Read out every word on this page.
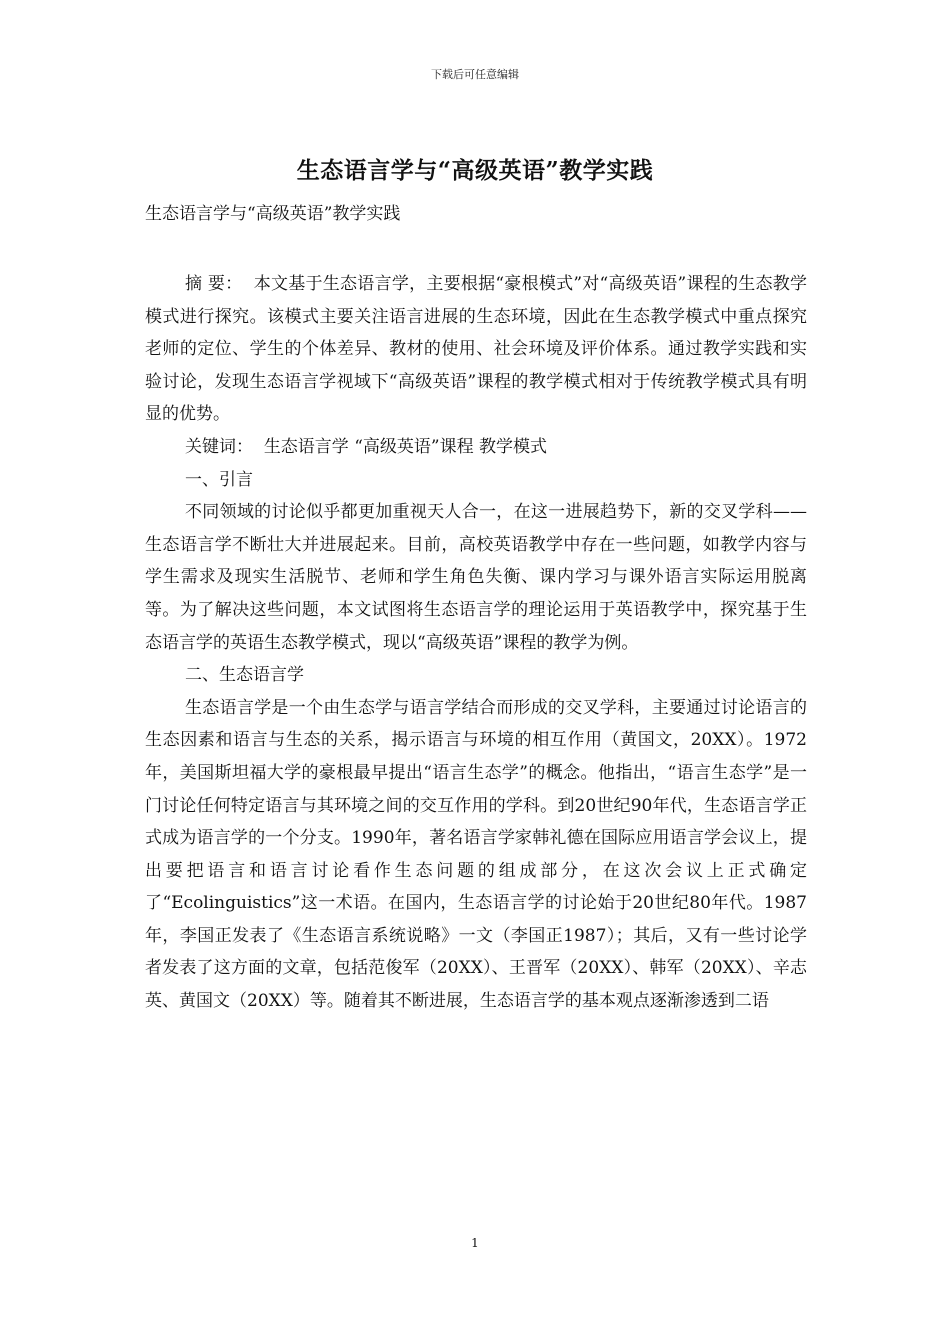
下载后可任意编辑
生态语言学与“高级英语”教学实践
生态语言学与“高级英语”教学实践

摘 要： 本文基于生态语言学，主要根据“豪根模式”对“高级英语”课程的生态教学模式进行探究。该模式主要关注语言进展的生态环境，因此在生态教学模式中重点探究老师的定位、学生的个体差异、教材的使用、社会环境及评价体系。通过教学实践和实验讨论，发现生态语言学视域下“高级英语”课程的教学模式相对于传统教学模式具有明显的优势。

关键词： 生态语言学 “高级英语”课程 教学模式

一、引言

不同领域的讨论似乎都更加重视天人合一，在这一进展趋势下，新的交叉学科——生态语言学不断壮大并进展起来。目前，高校英语教学中存在一些问题，如教学内容与学生需求及现实生活脱节、老师和学生角色失衡、课内学习与课外语言实际运用脱离等。为了解决这些问题，本文试图将生态语言学的理论运用于英语教学中，探究基于生态语言学的英语生态教学模式，现以“高级英语”课程的教学为例。

二、生态语言学

生态语言学是一个由生态学与语言学结合而形成的交叉学科，主要通过讨论语言的生态因素和语言与生态的关系，揭示语言与环境的相互作用（黄国文，20XX）。1972年，美国斯坦福大学的豪根最早提出“语言生态学”的概念。他指出，“语言生态学”是一门讨论任何特定语言与其环境之间的交互作用的学科。到20世纪90年代，生态语言学正式成为语言学的一个分支。1990年，著名语言学家韩礼德在国际应用语言学会议上，提出要把语言和语言讨论看作生态问题的组成部分，在这次会议上正式确定了“Ecolinguistics”这一术语。在国内，生态语言学的讨论始于20世纪80年代。1987年，李国正发表了《生态语言系统说略》一文（李国正1987）；其后，又有一些讨论学者发表了这方面的文章，包括范俊军（20XX）、王晋军（20XX）、韩军（20XX）、辛志英、黄国文（20XX）等。随着其不断进展，生态语言学的基本观点逐渐渗透到二语

1
